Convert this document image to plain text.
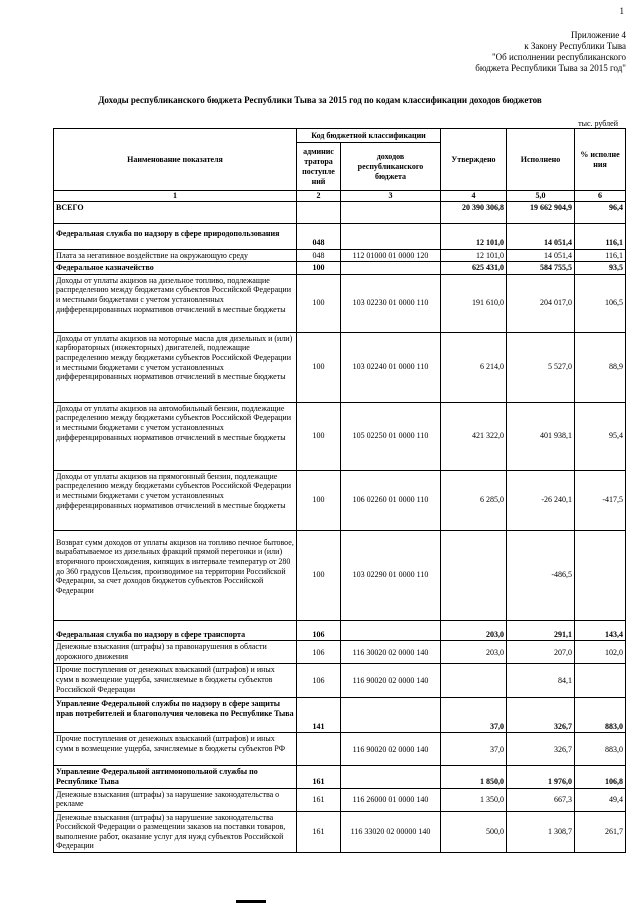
1
Приложение 4
к Закону Республики Тыва
"Об исполнении республиканского
бюджета Республики Тыва за 2015 год"
Доходы республиканского бюджета Республики Тыва за 2015 год по кодам классификации доходов бюджетов
тыс. рублей
Наименование показателя	Код бюджетной классификации		Утверждено	Исполнено	% исполне ния
	админис тратора поступле ний	доходов республиканского бюджета			
1	2	3	4	5,0	6
ВСЕГО			20 390 306,8	19 662 904,9	96,4
Федеральная служба по надзору в сфере природопользования	048		12 101,0	14 051,4	116,1
Плата за негативное воздействие на окружающую среду	048	112 01000 01 0000 120	12 101,0	14 051,4	116,1
Федеральное казначейство	100		625 431,0	584 755,5	93,5
Доходы от уплаты акцизов на дизельное топливо, подлежащие распределению между бюджетами субъектов Российской Федерации и местными бюджетами с учетом установленных дифференцированных нормативов отчислений в местные бюджеты	100	103 02230 01 0000 110	191 610,0	204 017,0	106,5
Доходы от уплаты акцизов на моторные масла для дизельных и (или) карбюраторных (инжекторных) двигателей, подлежащие распределению между бюджетами субъектов Российской Федерации и местными бюджетами с учетом установленных дифференцированных нормативов отчислений в местные бюджеты	100	103 02240 01 0000 110	6 214,0	5 527,0	88,9
Доходы от уплаты акцизов на автомобильный бензин, подлежащие распределению между бюджетами субъектов Российской Федерации и местными бюджетами с учетом установленных дифференцированных нормативов отчислений в местные бюджеты	100	105 02250 01 0000 110	421 322,0	401 938,1	95,4
Доходы от уплаты акцизов на прямогонный бензин, подлежащие распределению между бюджетами субъектов Российской Федерации и местными бюджетами с учетом установленных дифференцированных нормативов отчислений в местные бюджеты	100	106 02260 01 0000 110	6 285,0	-26 240,1	-417,5
Возврат сумм доходов от уплаты акцизов на топливо печное бытовое, вырабатываемое из дизельных фракций прямой перегонки и (или) вторичного происхождения, кипящих в интервале температур от 280 до 360 градусов Цельсия, производимое на территории Российской Федерации, за счет доходов бюджетов субъектов Российской Федерации	100	103 02290 01 0000 110		-486,5	
Федеральная служба по надзору в сфере транспорта	106		203,0	291,1	143,4
Денежные взыскания (штрафы) за правонарушения в области дорожного движения	106	116 30020 02 0000 140	203,0	207,0	102,0
Прочие поступления от денежных взысканий (штрафов) и иных сумм в возмещение ущерба, зачисляемые в бюджеты субъектов Российской Федерации	106	116 90020 02 0000 140		84,1	
Управление Федеральной службы по надзору в сфере защиты прав потребителей и благополучия человека по Республике Тыва	141		37,0	326,7	883,0
Прочие поступления от денежных взысканий (штрафов) и иных сумм в возмещение ущерба, зачисляемые в бюджеты субъектов РФ		116 90020 02 0000 140	37,0	326,7	883,0
Управление Федеральной антимонопольной службы по Республике Тыва	161		1 850,0	1 976,0	106,8
Денежные взыскания (штрафы) за нарушение законодательства о рекламе	161	116 26000 01 0000 140	1 350,0	667,3	49,4
Денежные взыскания (штрафы) за нарушение законодательства Российской Федерации о размещении заказов на поставки товаров, выполнение работ, оказание услуг для нужд субъектов Российской Федерации	161	116 33020 02 00000 140	500,0	1 308,7	261,7
